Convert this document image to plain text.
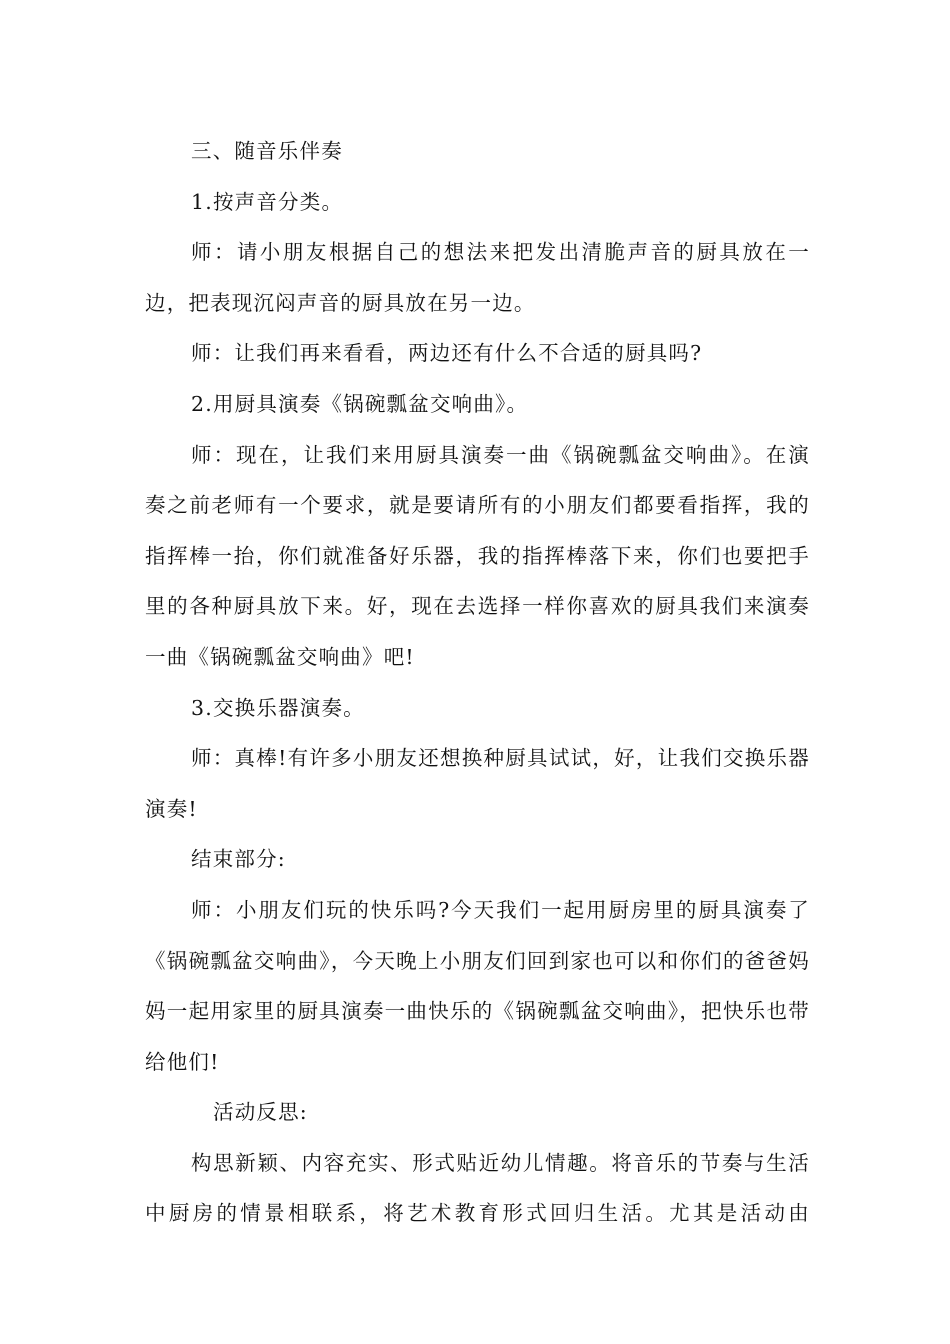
三、随音乐伴奏

1.按声音分类。

师：请小朋友根据自己的想法来把发出清脆声音的厨具放在一边，把表现沉闷声音的厨具放在另一边。

师：让我们再来看看，两边还有什么不合适的厨具吗?

2.用厨具演奏《锅碗瓢盆交响曲》。

师：现在，让我们来用厨具演奏一曲《锅碗瓢盆交响曲》。在演奏之前老师有一个要求，就是要请所有的小朋友们都要看指挥，我的指挥棒一抬，你们就准备好乐器，我的指挥棒落下来，你们也要把手里的各种厨具放下来。好，现在去选择一样你喜欢的厨具我们来演奏一曲《锅碗瓢盆交响曲》吧!

3.交换乐器演奏。

师：真棒!有许多小朋友还想换种厨具试试，好，让我们交换乐器演奏!

结束部分:

师：小朋友们玩的快乐吗?今天我们一起用厨房里的厨具演奏了《锅碗瓢盆交响曲》，今天晚上小朋友们回到家也可以和你们的爸爸妈妈一起用家里的厨具演奏一曲快乐的《锅碗瓢盆交响曲》，把快乐也带给他们!

活动反思:

构思新颖、内容充实、形式贴近幼儿情趣。将音乐的节奏与生活中厨房的情景相联系，将艺术教育形式回归生活。尤其是活动由
